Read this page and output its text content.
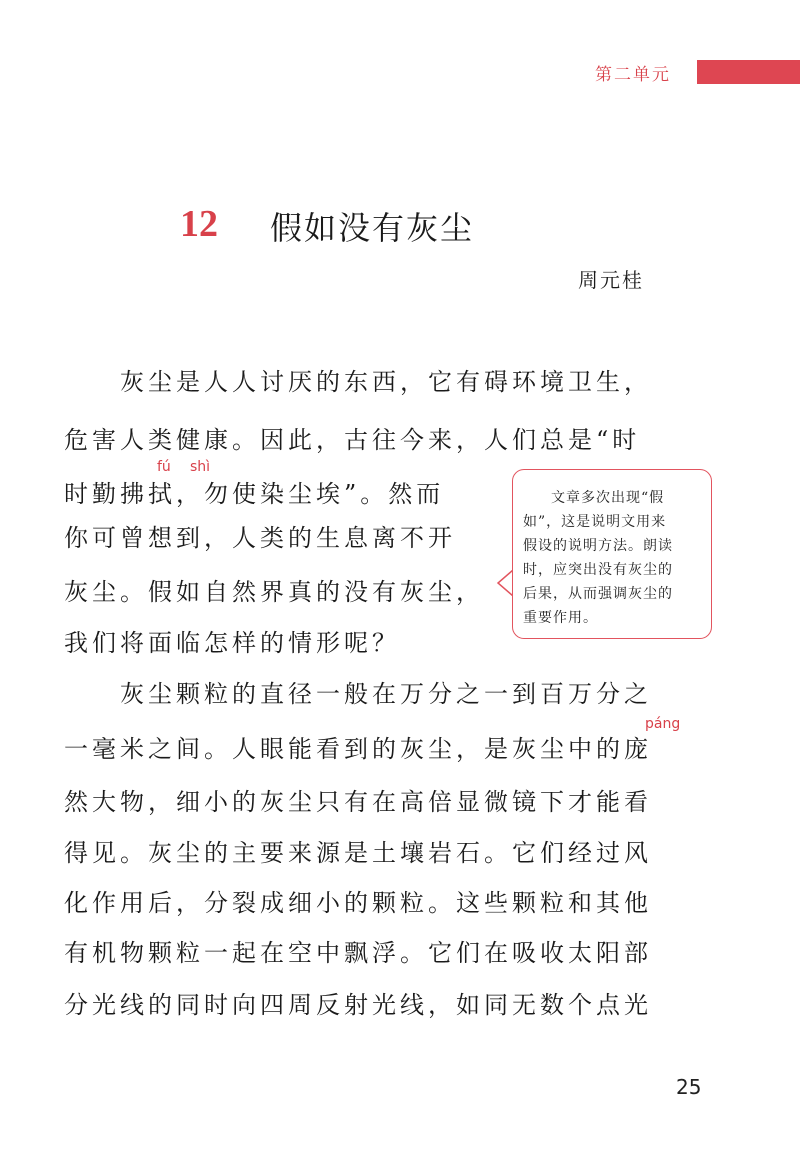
第二单元
12 假如没有灰尘
周元桂
　　灰尘是人人讨厌的东西，它有碍环境卫生，
危害人类健康。因此，古往今来，人们总是“时
fú shì
时勤拂拭，勿使染尘埃”。然而
你可曾想到，人类的生息离不开
灰尘。假如自然界真的没有灰尘，
我们将面临怎样的情形呢？

文章多次出现“假

如”，这是说明文用来

假设的说明方法。朗读

时，应突出没有灰尘的

后果，从而强调灰尘的

重要作用。

　　灰尘颗粒的直径一般在万分之一到百万分之
páng
一毫米之间。人眼能看到的灰尘，是灰尘中的庞
然大物，细小的灰尘只有在高倍显微镜下才能看
得见。灰尘的主要来源是土壤岩石。它们经过风
化作用后，分裂成细小的颗粒。这些颗粒和其他
有机物颗粒一起在空中飘浮。它们在吸收太阳部
分光线的同时向四周反射光线，如同无数个点光
25
